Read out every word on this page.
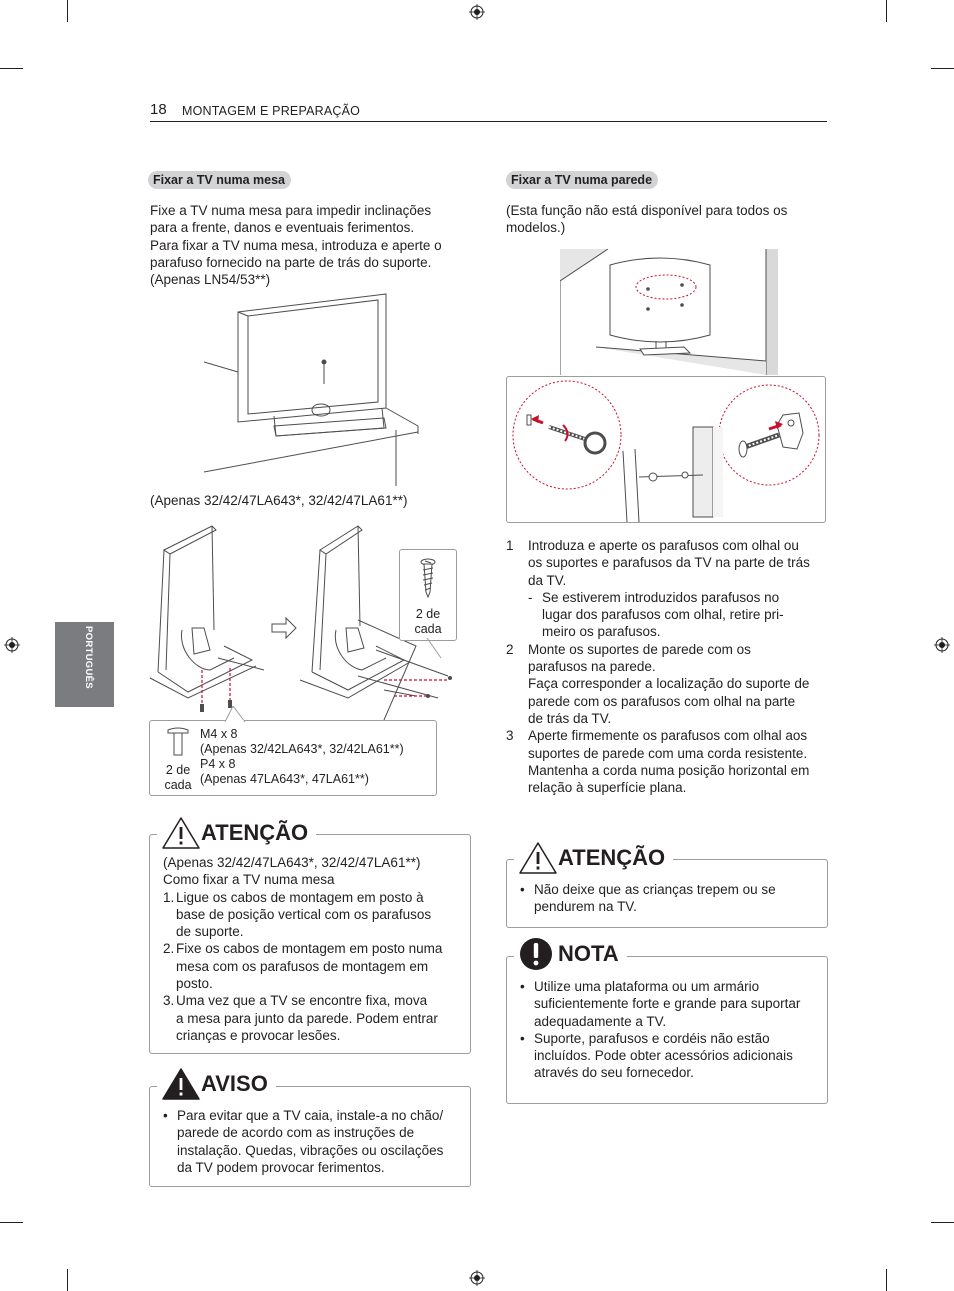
18 MONTAGEM E PREPARAÇÃO
PORTUGUÊS
Fixar a TV numa mesa
Fixe a TV numa mesa para impedir inclinações
para a frente, danos e eventuais ferimentos.
Para fixar a TV numa mesa, introduza e aperte o
parafuso fornecido na parte de trás do suporte.
(Apenas LN54/53**)
(Apenas 32/42/47LA643*, 32/42/47LA61**)
2 de
cada
2 de
cada
M4 x 8
(Apenas 32/42LA643*, 32/42LA61**)
P4 x 8
(Apenas 47LA643*, 47LA61**)
(Apenas 32/42/47LA643*, 32/42/47LA61**)
Como fixar a TV numa mesa
1. Ligue os cabos de montagem em posto à
base de posição vertical com os parafusos
de suporte.
2. Fixe os cabos de montagem em posto numa
mesa com os parafusos de montagem em
posto.
3. Uma vez que a TV se encontre fixa, mova
a mesa para junto da parede. Podem entrar
crianças e provocar lesões.
ATENÇÃO
• Para evitar que a TV caia, instale-a no chão/
parede de acordo com as instruções de
instalação. Quedas, vibrações ou oscilações
da TV podem provocar ferimentos.
AVISO
Fixar a TV numa parede
(Esta função não está disponível para todos os
modelos.)
1 Introduza e aperte os parafusos com olhal ou
os suportes e parafusos da TV na parte de trás
da TV.
- Se estiverem introduzidos parafusos no
lugar dos parafusos com olhal, retire pri-
meiro os parafusos.
2 Monte os suportes de parede com os
parafusos na parede.
Faça corresponder a localização do suporte de
parede com os parafusos com olhal na parte
de trás da TV.
3 Aperte firmemente os parafusos com olhal aos
suportes de parede com uma corda resistente.
Mantenha a corda numa posição horizontal em
relação à superfície plana.
• Não deixe que as crianças trepem ou se
pendurem na TV.
ATENÇÃO
• Utilize uma plataforma ou um armário
suficientemente forte e grande para suportar
adequadamente a TV.
• Suporte, parafusos e cordéis não estão
incluídos. Pode obter acessórios adicionais
através do seu fornecedor.
NOTA
